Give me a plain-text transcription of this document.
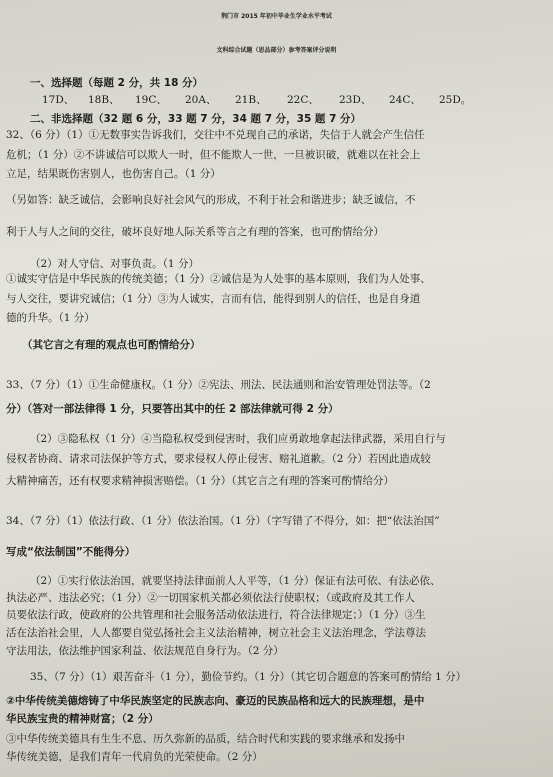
荆门市 2015 年初中毕业生学业水平考试
文科综合试题（思品部分）参考答案评分说明
一、选择题（每题 2 分，共 18 分）
17D、 18B、 19C、 20A、 21B、 22C、 23D、 24C、 25D。
二、非选择题（32 题 6 分，33 题 7 分，34 题 7 分，35 题 7 分）
32、（6 分）（1）①无数事实告诉我们，交往中不兑现自己的承诺，失信于人就会产生信任
危机；（1 分）②不讲诚信可以欺人一时，但不能欺人一世，一旦被识破，就难以在社会上
立足，结果既伤害别人，也伤害自己。（1 分）
（另如答：缺乏诚信，会影响良好社会风气的形成，不利于社会和谐进步；缺乏诚信，不
利于人与人之间的交往，破坏良好地人际关系等言之有理的答案，也可酌情给分）
（2）对人守信、对事负责。（1 分）
①诚实守信是中华民族的传统美德；（1 分）②诚信是为人处事的基本原则，我们为人处事、
与人交往，要讲究诚信；（1 分）③为人诚实，言而有信，能得到别人的信任，也是自身道
德的升华。（1 分）
（其它言之有理的观点也可酌情给分）
33、（7 分）（1）①生命健康权。（1 分）②宪法、刑法、民法通则和治安管理处罚法等。（2
分）（答对一部法律得 1 分，只要答出其中的任 2 部法律就可得 2 分）
（2）③隐私权（1 分）④当隐私权受到侵害时，我们应勇敢地拿起法律武器，采用自行与
侵权者协商、请求司法保护等方式，要求侵权人停止侵害、赔礼道歉。（2 分）若因此造成较
大精神痛苦，还有权要求精神损害赔偿。（1 分）（其它言之有理的答案可酌情给分）
34、（7 分）（1）依法行政、（1 分）依法治国。（1 分）（字写错了不得分，如：把“依法治国”
写成“依法制国”不能得分）
（2）①实行依法治国，就要坚持法律面前人人平等，（1 分）保证有法可依、有法必依、
执法必严、违法必究；（1 分）②一切国家机关都必须依法行使职权；（或政府及其工作人
员要依法行政，使政府的公共管理和社会服务活动依法进行，符合法律规定；）（1 分）③生
活在法治社会里，人人都要自觉弘扬社会主义法治精神，树立社会主义法治理念，学法尊法
守法用法，依法维护国家利益、依法规范自身行为。（2 分）
35、（7 分）（1）艰苦奋斗（1 分），勤俭节约。（1 分）（其它切合题意的答案可酌情给 1 分）
②中华传统美德熔铸了中华民族坚定的民族志向、豪迈的民族品格和远大的民族理想，是中
华民族宝贵的精神财富；（2 分）
③中华传统美德具有生生不息、历久弥新的品质，结合时代和实践的要求继承和发扬中
华传统美德，是我们青年一代肩负的光荣使命。（2 分）
